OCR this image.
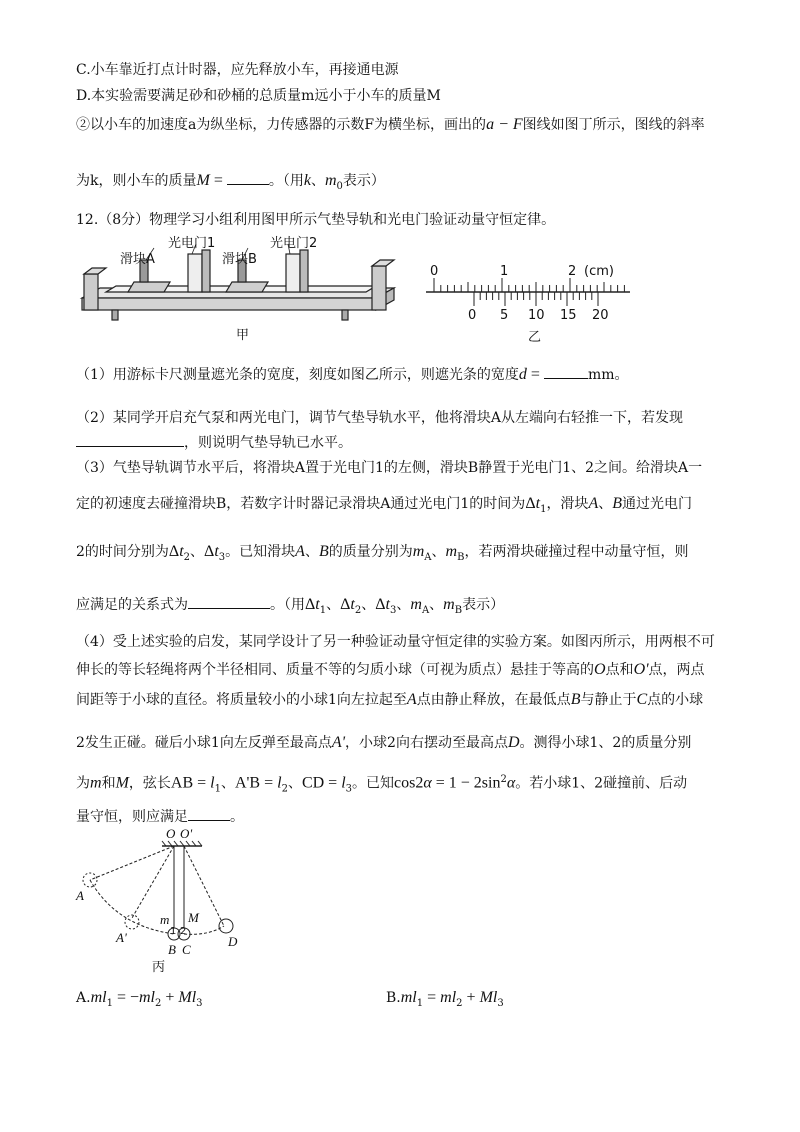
C.小车靠近打点计时器，应先释放小车，再接通电源
D.本实验需要满足砂和砂桶的总质量m远小于小车的质量M
②以小车的加速度a为纵坐标，力传感器的示数F为横坐标，画出的a − F图线如图丁所示，图线的斜率
为k，则小车的质量M =	。（用k、$m_0$表示）
12.（8分）物理学习小组利用图甲所示气垫导轨和光电门验证动量守恒定律。
滑块A
光电门1
滑块B
光电门2
甲
0	1	2 (cm)
0 5 10 15 20
乙
（1）用游标卡尺测量遮光条的宽度，刻度如图乙所示，则遮光条的宽度d =	mm。
（2）某同学开启充气泵和两光电门，调节气垫导轨水平，他将滑块A从左端向右轻推一下，若发现
，则说明气垫导轨已水平。
（3）气垫导轨调节水平后，将滑块A置于光电门1的左侧，滑块B静置于光电门1、2之间。给滑块A一
定的初速度去碰撞滑块B，若数字计时器记录滑块A通过光电门1的时间为$\Delta t_1$，滑块A、B通过光电门
2的时间分别为$\Delta t_2$、$\Delta t_3$。已知滑块A、B的质量分别为$m_A$、$m_B$，若两滑块碰撞过程中动量守恒，则
应满足的关系式为	。（用$\Delta t_1$、$\Delta t_2$、$\Delta t_3$、$m_A$、$m_B$表示）
（4）受上述实验的启发，某同学设计了另一种验证动量守恒定律的实验方案。如图丙所示，用两根不可
伸长的等长轻绳将两个半径相同、质量不等的匀质小球（可视为质点）悬挂于等高的O点和O'点，两点
间距等于小球的直径。将质量较小的小球1向左拉起至A点由静止释放，在最低点B与静止于C点的小球
2发生正碰。碰后小球1向左反弹至最高点A'，小球2向右摆动至最高点D。测得小球1、2的质量分别
为m和M，弦长AB = $l_1$、$A'B = l_2$、CD = $l_3$。已知$\cos 2\alpha = 1 - 2\sin^2\alpha$。若小球1、2碰撞前、后动
量守恒，则应满足	。
O O'
A
A'
m M
1 2
B C
D
丙
$A.ml_1 = -ml_2 + Ml_3$	$B.ml_1 = ml_2 + Ml_3$
